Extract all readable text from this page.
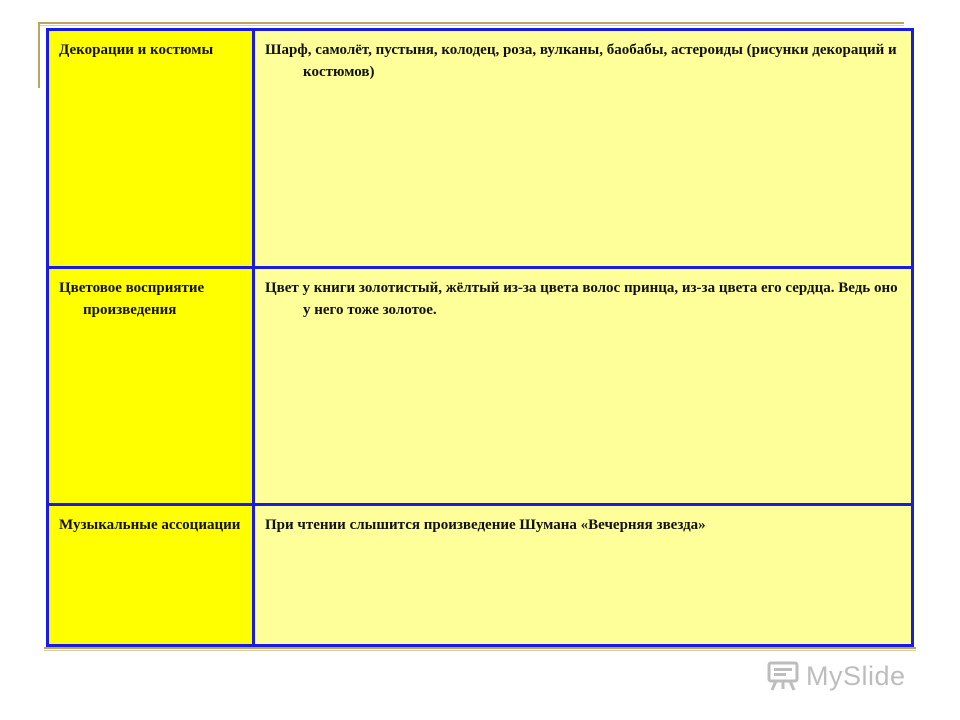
Декорации и костюмы	Шарф, самолёт, пустыня, колодец, роза, вулканы, баобабы, астероиды (рисунки декораций и костюмов)

Цветовое восприятие произведения	Цвет у книги золотистый, жёлтый из-за цвета волос принца, из-за цвета его сердца. Ведь оно у него тоже золотое.

Музыкальные ассоциации	При чтении слышится произведение Шумана «Вечерняя звезда»
MySlide
